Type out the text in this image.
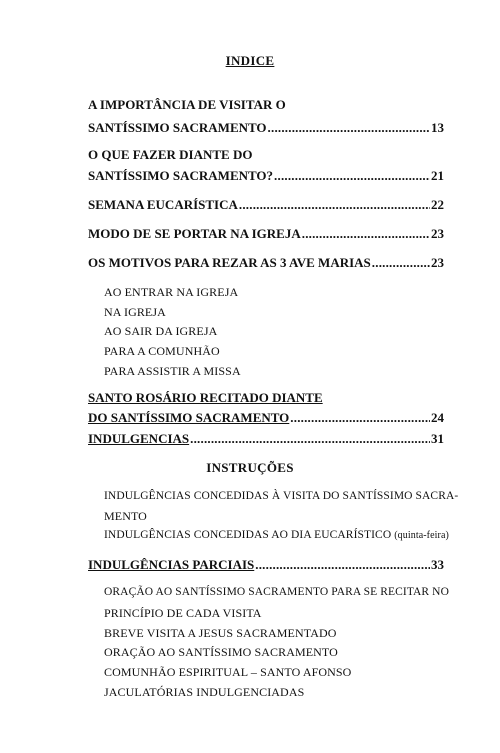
INDICE
A IMPORTÂNCIA DE VISITAR O
SANTÍSSIMO SACRAMENTO .....	13
O QUE FAZER DIANTE DO
SANTÍSSIMO SACRAMENTO? .....	21
SEMANA EUCARÍSTICA .....	22
MODO DE SE PORTAR NA IGREJA .....	23
OS MOTIVOS PARA REZAR AS 3 AVE MARIAS .....	23
AO ENTRAR NA IGREJA
NA IGREJA
AO SAIR DA IGREJA
PARA A COMUNHÃO
PARA ASSISTIR A MISSA
SANTO ROSÁRIO RECITADO DIANTE
DO SANTÍSSIMO SACRAMENTO .....	24
INDULGENCIAS .....	31
INSTRUÇÕES
INDULGÊNCIAS CONCEDIDAS À VISITA DO SANTÍSSIMO SACRA-
MENTO
INDULGÊNCIAS CONCEDIDAS AO DIA EUCARÍSTICO (quinta-feira)
INDULGÊNCIAS PARCIAIS .....	33
ORAÇÃO AO SANTÍSSIMO SACRAMENTO PARA SE RECITAR NO
PRINCÍPIO DE CADA VISITA
BREVE VISITA A JESUS SACRAMENTADO
ORAÇÃO AO SANTÍSSIMO SACRAMENTO
COMUNHÃO ESPIRITUAL – SANTO AFONSO
JACULATÓRIAS INDULGENCIADAS
